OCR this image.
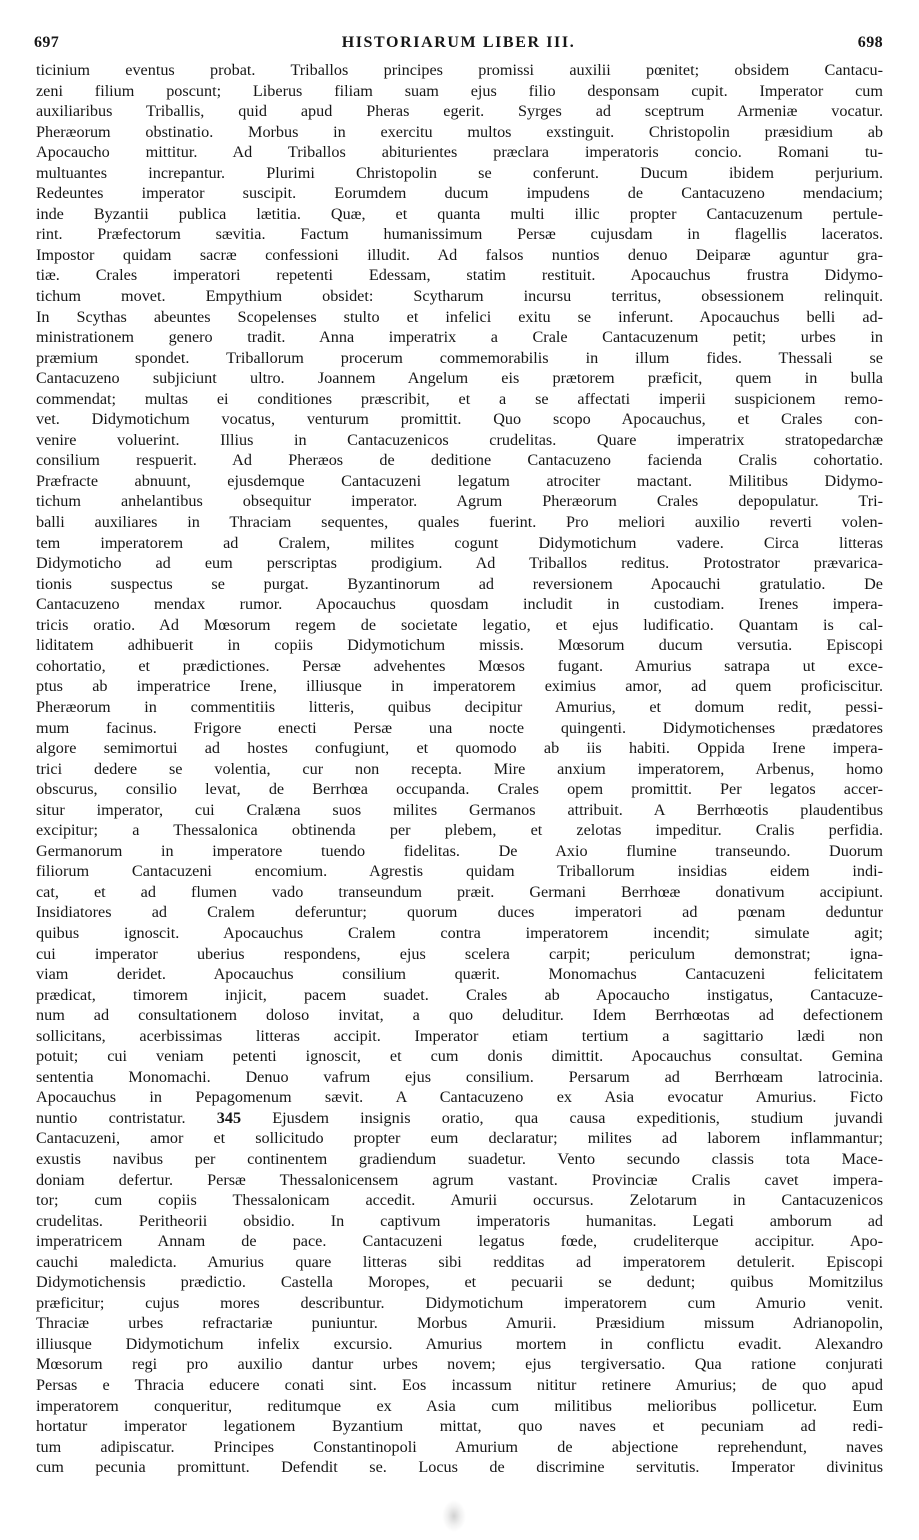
697	HISTORIARUM LIBER III.	698
ticinium eventus probat. Triballos principes promissi auxilii pœnitet; obsidem Cantacu-
zeni filium poscunt; Liberus filiam suam ejus filio desponsam cupit. Imperator cum
auxiliaribus Triballis, quid apud Pheras egerit. Syrges ad sceptrum Armeniæ vocatur.
Pheræorum obstinatio. Morbus in exercitu multos exstinguit. Christopolin præsidium ab
Apocaucho mittitur. Ad Triballos abiturientes præclara imperatoris concio. Romani tu-
multuantes increpantur. Plurimi Christopolin se conferunt. Ducum ibidem perjurium.
Redeuntes imperator suscipit. Eorumdem ducum impudens de Cantacuzeno mendacium;
inde Byzantii publica lætitia. Quæ, et quanta multi illic propter Cantacuzenum pertule-
rint. Præfectorum sævitia. Factum humanissimum Persæ cujusdam in flagellis laceratos.
Impostor quidam sacræ confessioni illudit. Ad falsos nuntios denuo Deiparæ aguntur gra-
tiæ. Crales imperatori repetenti Edessam, statim restituit. Apocauchus frustra Didymo-
tichum movet. Empythium obsidet: Scytharum incursu territus, obsessionem relinquit.
In Scythas abeuntes Scopelenses stulto et infelici exitu se inferunt. Apocauchus belli ad-
ministrationem genero tradit. Anna imperatrix a Crale Cantacuzenum petit; urbes in
præmium spondet. Triballorum procerum commemorabilis in illum fides. Thessali se
Cantacuzeno subjiciunt ultro. Joannem Angelum eis prætorem præficit, quem in bulla
commendat; multas ei conditiones præscribit, et a se affectati imperii suspicionem remo-
vet. Didymotichum vocatus, venturum promittit. Quo scopo Apocauchus, et Crales con-
venire voluerint. Illius in Cantacuzenicos crudelitas. Quare imperatrix stratopedarchæ
consilium respuerit. Ad Pheræos de deditione Cantacuzeno facienda Cralis cohortatio.
Præfracte abnuunt, ejusdemque Cantacuzeni legatum atrociter mactant. Militibus Didymo-
tichum anhelantibus obsequitur imperator. Agrum Pheræorum Crales depopulatur. Tri-
balli auxiliares in Thraciam sequentes, quales fuerint. Pro meliori auxilio reverti volen-
tem imperatorem ad Cralem, milites cogunt Didymotichum vadere. Circa litteras
Didymoticho ad eum perscriptas prodigium. Ad Triballos reditus. Protostrator prævarica-
tionis suspectus se purgat. Byzantinorum ad reversionem Apocauchi gratulatio. De
Cantacuzeno mendax rumor. Apocauchus quosdam includit in custodiam. Irenes impera-
tricis oratio. Ad Mœsorum regem de societate legatio, et ejus ludificatio. Quantam is cal-
liditatem adhibuerit in copiis Didymotichum missis. Mœsorum ducum versutia. Episcopi
cohortatio, et prædictiones. Persæ advehentes Mœsos fugant. Amurius satrapa ut exce-
ptus ab imperatrice Irene, illiusque in imperatorem eximius amor, ad quem proficiscitur.
Pheræorum in commentitiis litteris, quibus decipitur Amurius, et domum redit, pessi-
mum facinus. Frigore enecti Persæ una nocte quingenti. Didymotichenses prædatores
algore semimortui ad hostes confugiunt, et quomodo ab iis habiti. Oppida Irene impera-
trici dedere se volentia, cur non recepta. Mire anxium imperatorem, Arbenus, homo
obscurus, consilio levat, de Berrhœa occupanda. Crales opem promittit. Per legatos accer-
situr imperator, cui Cralæna suos milites Germanos attribuit. A Berrhœotis plaudentibus
excipitur; a Thessalonica obtinenda per plebem, et zelotas impeditur. Cralis perfidia.
Germanorum in imperatore tuendo fidelitas. De Axio flumine transeundo. Duorum
filiorum Cantacuzeni encomium. Agrestis quidam Triballorum insidias eidem indi-
cat, et ad flumen vado transeundum præit. Germani Berrhœæ donativum accipiunt.
Insidiatores ad Cralem deferuntur; quorum duces imperatori ad pœnam deduntur
quibus ignoscit. Apocauchus Cralem contra imperatorem incendit; simulate agit;
cui imperator uberius respondens, ejus scelera carpit; periculum demonstrat; igna-
viam deridet. Apocauchus consilium quærit. Monomachus Cantacuzeni felicitatem
prædicat, timorem injicit, pacem suadet. Crales ab Apocaucho instigatus, Cantacuze-
num ad consultationem doloso invitat, a quo deluditur. Idem Berrhœotas ad defectionem
sollicitans, acerbissimas litteras accipit. Imperator etiam tertium a sagittario lædi non
potuit; cui veniam petenti ignoscit, et cum donis dimittit. Apocauchus consultat. Gemina
sententia Monomachi. Denuo vafrum ejus consilium. Persarum ad Berrhœam latrocinia.
Apocauchus in Pepagomenum sævit. A Cantacuzeno ex Asia evocatur Amurius. Ficto
nuntio contristatur. 345 Ejusdem insignis oratio, qua causa expeditionis, studium juvandi
Cantacuzeni, amor et sollicitudo propter eum declaratur; milites ad laborem inflammantur;
exustis navibus per continentem gradiendum suadetur. Vento secundo classis tota Mace-
doniam defertur. Persæ Thessalonicensem agrum vastant. Provinciæ Cralis cavet impera-
tor; cum copiis Thessalonicam accedit. Amurii occursus. Zelotarum in Cantacuzenicos
crudelitas. Peritheorii obsidio. In captivum imperatoris humanitas. Legati amborum ad
imperatricem Annam de pace. Cantacuzeni legatus fœde, crudeliterque accipitur. Apo-
cauchi maledicta. Amurius quare litteras sibi redditas ad imperatorem detulerit. Episcopi
Didymotichensis prædictio. Castella Moropes, et pecuarii se dedunt; quibus Momitzilus
præficitur; cujus mores describuntur. Didymotichum imperatorem cum Amurio venit.
Thraciæ urbes refractariæ puniuntur. Morbus Amurii. Præsidium missum Adrianopolin,
illiusque Didymotichum infelix excursio. Amurius mortem in conflictu evadit. Alexandro
Mœsorum regi pro auxilio dantur urbes novem; ejus tergiversatio. Qua ratione conjurati
Persas e Thracia educere conati sint. Eos incassum nititur retinere Amurius; de quo apud
imperatorem conqueritur, reditumque ex Asia cum militibus melioribus pollicetur. Eum
hortatur imperator legationem Byzantium mittat, quo naves et pecuniam ad redi-
tum adipiscatur. Principes Constantinopoli Amurium de abjectione reprehendunt, naves
cum pecunia promittunt. Defendit se. Locus de discrimine servitutis. Imperator divinitus
